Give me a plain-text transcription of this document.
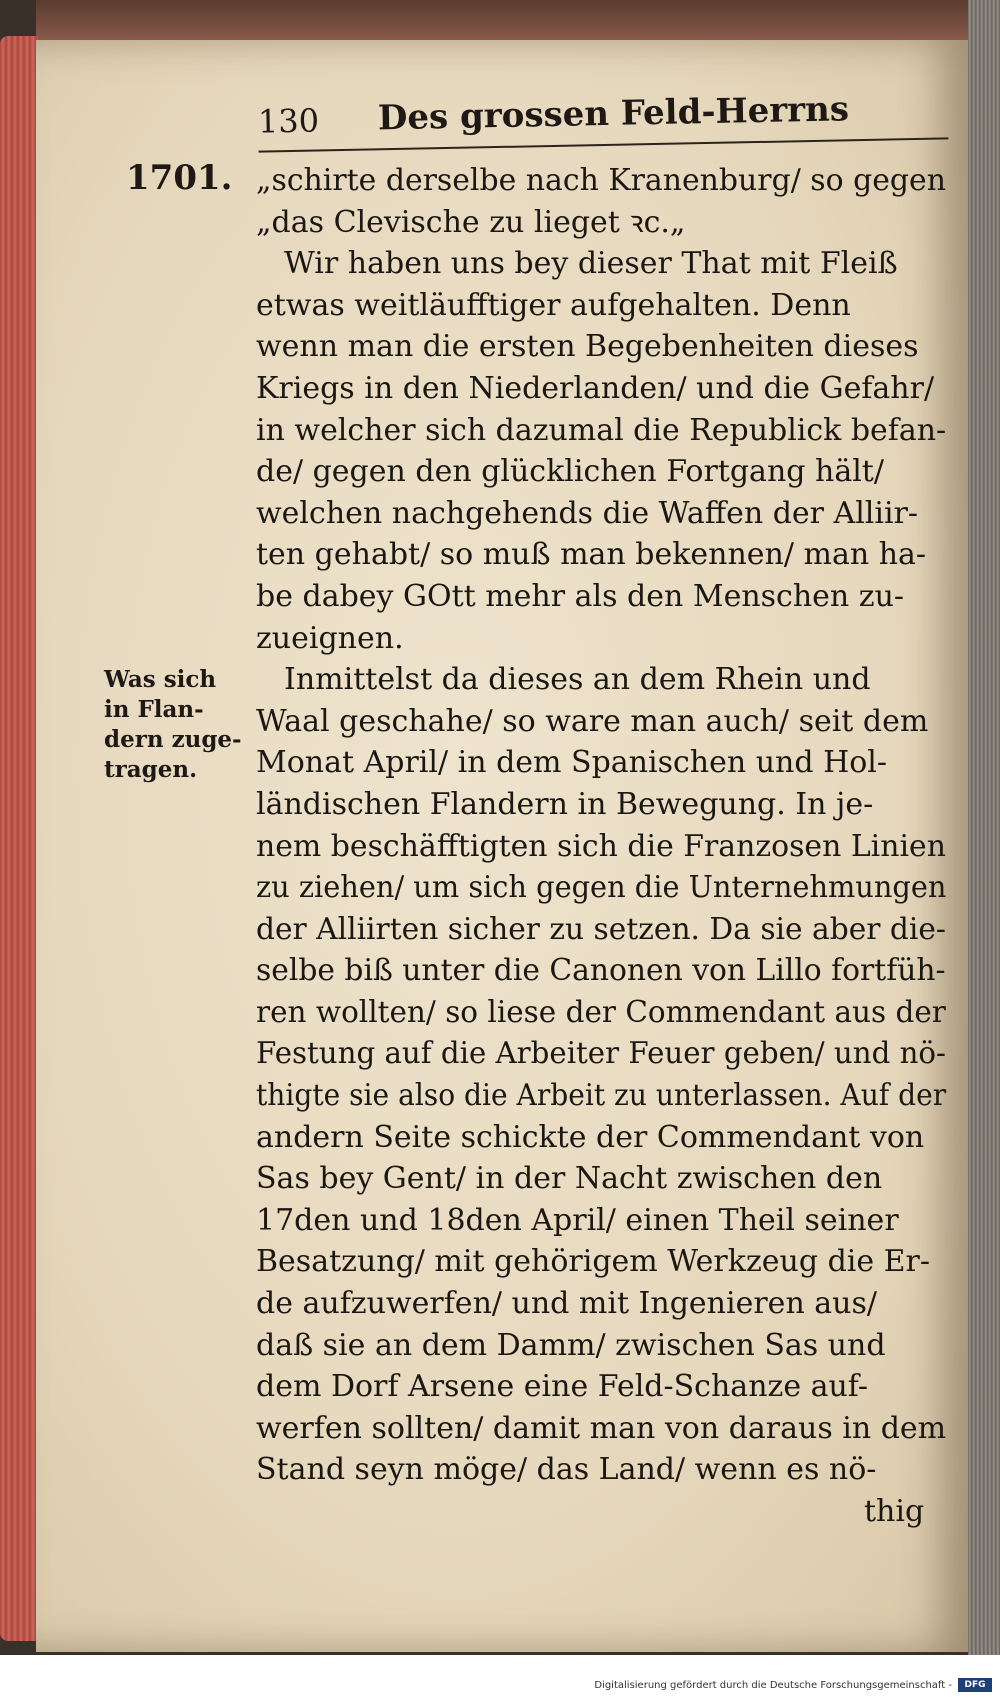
130 Des grossen Feld-Herrns
1701.
Was sich
in Flan-
dern zuge-
tragen.
„schirte derselbe nach Kranenburg/ so gegen
„das Clevische zu lieget ꝛc.„
Wir haben uns bey dieser That mit Fleiß
etwas weitläufftiger aufgehalten. Denn
wenn man die ersten Begebenheiten dieses
Kriegs in den Niederlanden/ und die Gefahr/
in welcher sich dazumal die Republick befan-
de/ gegen den glücklichen Fortgang hält/
welchen nachgehends die Waffen der Alliir-
ten gehabt/ so muß man bekennen/ man ha-
be dabey GOtt mehr als den Menschen zu-
zueignen.
Inmittelst da dieses an dem Rhein und
Waal geschahe/ so ware man auch/ seit dem
Monat April/ in dem Spanischen und Hol-
ländischen Flandern in Bewegung. In je-
nem beschäfftigten sich die Franzosen Linien
zu ziehen/ um sich gegen die Unternehmungen
der Alliirten sicher zu setzen. Da sie aber die-
selbe biß unter die Canonen von Lillo fortfüh-
ren wollten/ so liese der Commendant aus der
Festung auf die Arbeiter Feuer geben/ und nö-
thigte sie also die Arbeit zu unterlassen. Auf der
andern Seite schickte der Commendant von
Sas bey Gent/ in der Nacht zwischen den
17den und 18den April/ einen Theil seiner
Besatzung/ mit gehörigem Werkzeug die Er-
de aufzuwerfen/ und mit Ingenieren aus/
daß sie an dem Damm/ zwischen Sas und
dem Dorf Arsene eine Feld-Schanze auf-
werfen sollten/ damit man von daraus in dem
Stand seyn möge/ das Land/ wenn es nö-
thig
Digitalisierung gefördert durch die Deutsche Forschungsgemeinschaft -	DFG
